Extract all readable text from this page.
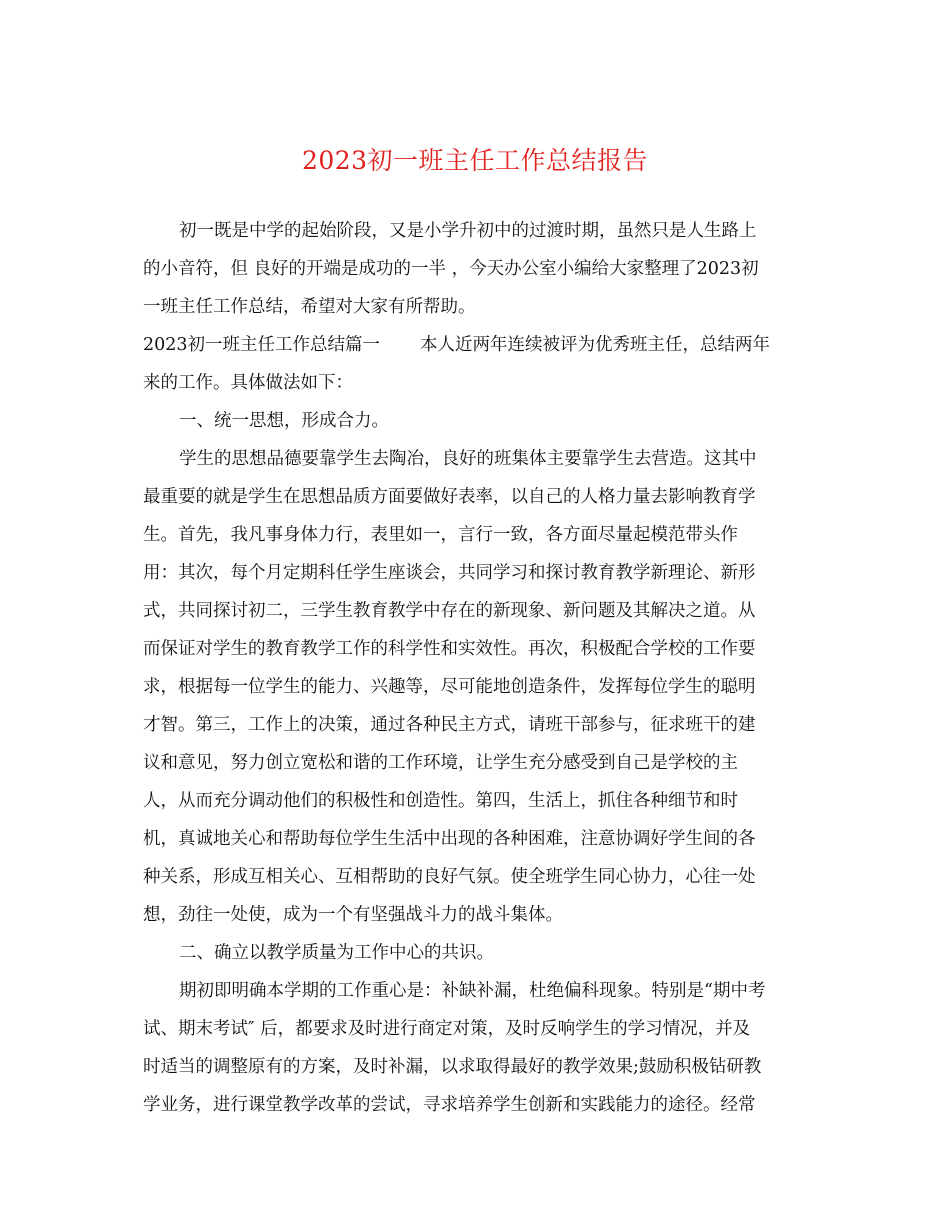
2023初一班主任工作总结报告
初一既是中学的起始阶段，又是小学升初中的过渡时期，虽然只是人生路上
的小音符，但 良好的开端是成功的一半 ，今天办公室小编给大家整理了2023初
一班主任工作总结，希望对大家有所帮助。
2023初一班主任工作总结篇一 本人近两年连续被评为优秀班主任，总结两年
来的工作。具体做法如下：
一、统一思想，形成合力。
学生的思想品德要靠学生去陶冶，良好的班集体主要靠学生去营造。这其中
最重要的就是学生在思想品质方面要做好表率，以自己的人格力量去影响教育学
生。首先，我凡事身体力行，表里如一，言行一致，各方面尽量起模范带头作
用：其次，每个月定期科任学生座谈会，共同学习和探讨教育教学新理论、新形
式，共同探讨初二，三学生教育教学中存在的新现象、新问题及其解决之道。从
而保证对学生的教育教学工作的科学性和实效性。再次，积极配合学校的工作要
求，根据每一位学生的能力、兴趣等，尽可能地创造条件，发挥每位学生的聪明
才智。第三，工作上的决策，通过各种民主方式，请班干部参与，征求班干的建
议和意见，努力创立宽松和谐的工作环境，让学生充分感受到自己是学校的主
人，从而充分调动他们的积极性和创造性。第四，生活上，抓住各种细节和时
机，真诚地关心和帮助每位学生生活中出现的各种困难，注意协调好学生间的各
种关系，形成互相关心、互相帮助的良好气氛。使全班学生同心协力，心往一处
想，劲往一处使，成为一个有坚强战斗力的战斗集体。
二、确立以教学质量为工作中心的共识。
期初即明确本学期的工作重心是：补缺补漏，杜绝偏科现象。特别是“期中考
试、期末考试″ 后，都要求及时进行商定对策，及时反响学生的学习情况，并及
时适当的调整原有的方案，及时补漏，以求取得最好的教学效果;鼓励积极钻研教
学业务，进行课堂教学改革的尝试，寻求培养学生创新和实践能力的途径。经常
